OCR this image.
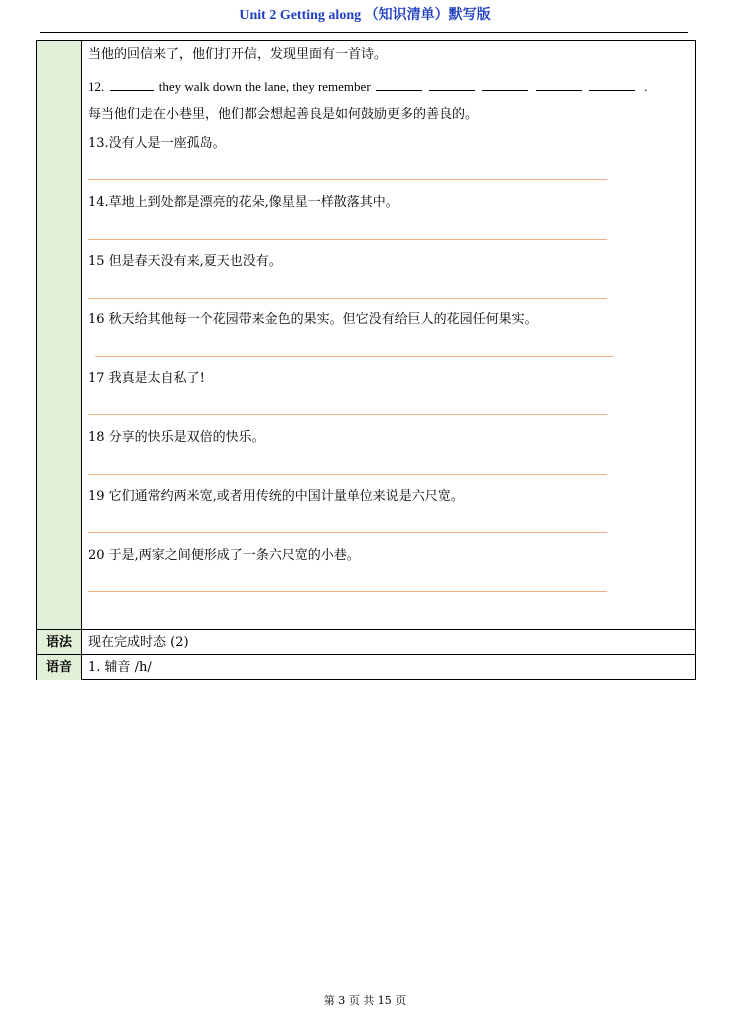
Unit 2 Getting along （知识清单）默写版
当他的回信来了，他们打开信，发现里面有一首诗。
12.	they walk down the lane, they remember	.
每当他们走在小巷里，他们都会想起善良是如何鼓励更多的善良的。
13.没有人是一座孤岛。
14.草地上到处都是漂亮的花朵,像星星一样散落其中。
15 但是春天没有来,夏天也没有。
16 秋天给其他每一个花园带来金色的果实。但它没有给巨人的花园任何果实。
17 我真是太自私了!
18 分享的快乐是双倍的快乐。
19 它们通常约两米宽,或者用传统的中国计量单位来说是六尺宽。
20 于是,两家之间便形成了一条六尺宽的小巷。
语法	现在完成时态 (2)
语音	1. 辅音 /h/
第 3 页 共 15 页
